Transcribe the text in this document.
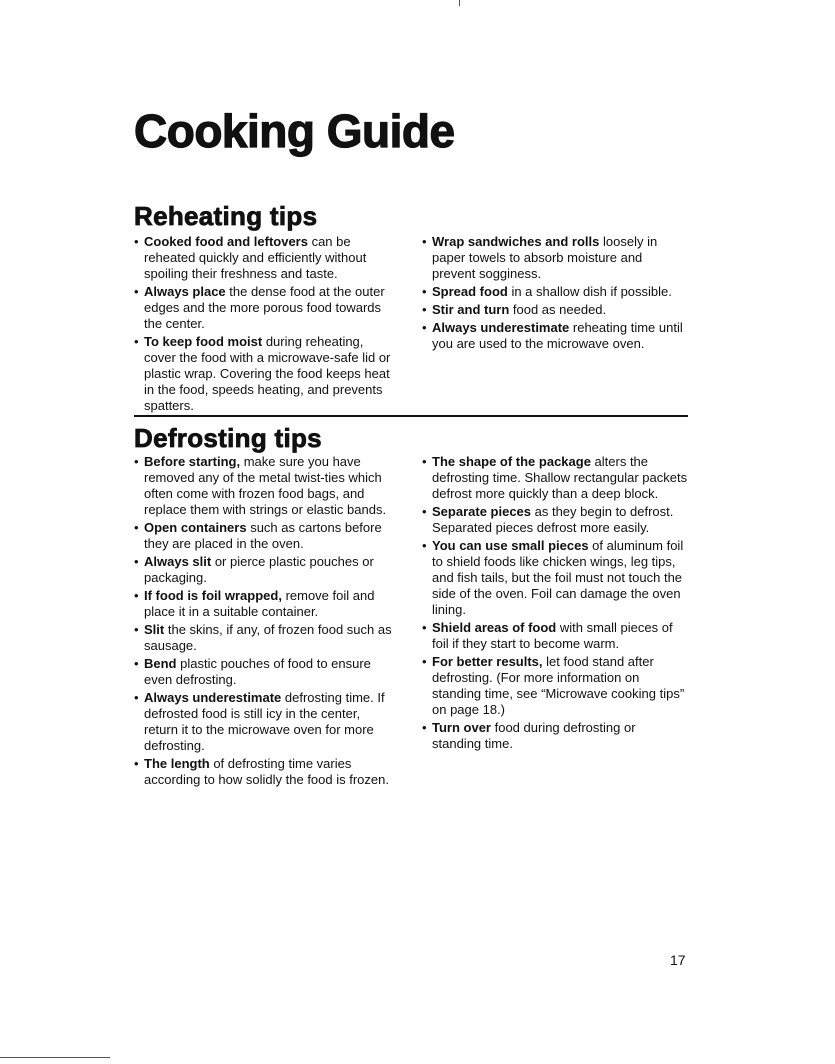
Cooking Guide
Reheating tips
• Cooked food and leftovers can be reheated quickly and efficiently without spoiling their freshness and taste.
• Always place the dense food at the outer edges and the more porous food towards the center.
• To keep food moist during reheating, cover the food with a microwave-safe lid or plastic wrap. Covering the food keeps heat in the food, speeds heating, and prevents spatters.
• Wrap sandwiches and rolls loosely in paper towels to absorb moisture and prevent sogginess.
• Spread food in a shallow dish if possible.
• Stir and turn food as needed.
• Always underestimate reheating time until you are used to the microwave oven.
Defrosting tips
• Before starting, make sure you have removed any of the metal twist-ties which often come with frozen food bags, and replace them with strings or elastic bands.
• Open containers such as cartons before they are placed in the oven.
• Always slit or pierce plastic pouches or packaging.
• If food is foil wrapped, remove foil and place it in a suitable container.
• Slit the skins, if any, of frozen food such as sausage.
• Bend plastic pouches of food to ensure even defrosting.
• Always underestimate defrosting time. If defrosted food is still icy in the center, return it to the microwave oven for more defrosting.
• The length of defrosting time varies according to how solidly the food is frozen.
• The shape of the package alters the defrosting time. Shallow rectangular packets defrost more quickly than a deep block.
• Separate pieces as they begin to defrost. Separated pieces defrost more easily.
• You can use small pieces of aluminum foil to shield foods like chicken wings, leg tips, and fish tails, but the foil must not touch the side of the oven. Foil can damage the oven lining.
• Shield areas of food with small pieces of foil if they start to become warm.
• For better results, let food stand after defrosting. (For more information on standing time, see “Microwave cooking tips” on page 18.)
• Turn over food during defrosting or standing time.
17
